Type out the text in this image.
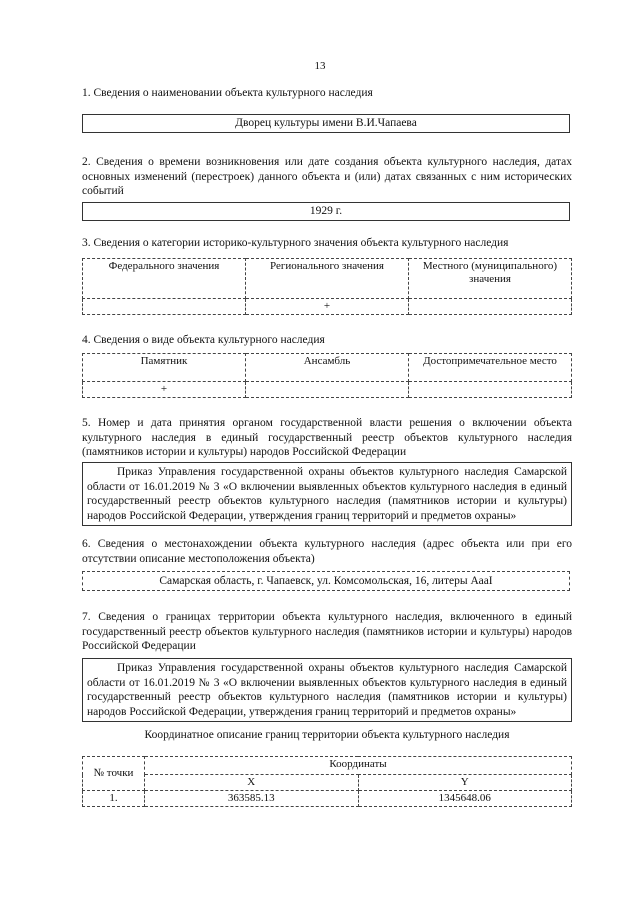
13
1. Сведения о наименовании объекта культурного наследия
Дворец культуры имени В.И.Чапаева
2. Сведения о времени возникновения или дате создания объекта культурного наследия, датах основных изменений (перестроек) данного объекта и (или) датах связанных с ним исторических событий
1929 г.
3. Сведения о категории историко-культурного значения объекта культурного наследия
Федерального значения	Регионального значения	Местного (муниципального) значения
	+	
4. Сведения о виде объекта культурного наследия
Памятник	Ансамбль	Достопримечательное место
+		
5. Номер и дата принятия органом государственной власти решения о включении объекта культурного наследия в единый государственный реестр объектов культурного наследия (памятников истории и культуры) народов Российской Федерации
Приказ Управления государственной охраны объектов культурного наследия Самарской области от 16.01.2019 № 3 «О включении выявленных объектов культурного наследия в единый государственный реестр объектов культурного наследия (памятников истории и культуры) народов Российской Федерации, утверждения границ территорий и предметов охраны»
6. Сведения о местонахождении объекта культурного наследия (адрес объекта или при его отсутствии описание местоположения объекта)
Самарская область, г. Чапаевск, ул. Комсомольская, 16, литеры АааI
7. Сведения о границах территории объекта культурного наследия, включенного в единый государственный реестр объектов культурного наследия (памятников истории и культуры) народов Российской Федерации
Приказ Управления государственной охраны объектов культурного наследия Самарской области от 16.01.2019 № 3 «О включении выявленных объектов культурного наследия в единый государственный реестр объектов культурного наследия (памятников истории и культуры) народов Российской Федерации, утверждения границ территорий и предметов охраны»
Координатное описание границ территории объекта культурного наследия
№ точки	Координаты	
	X	Y
1.	363585.13	1345648.06
